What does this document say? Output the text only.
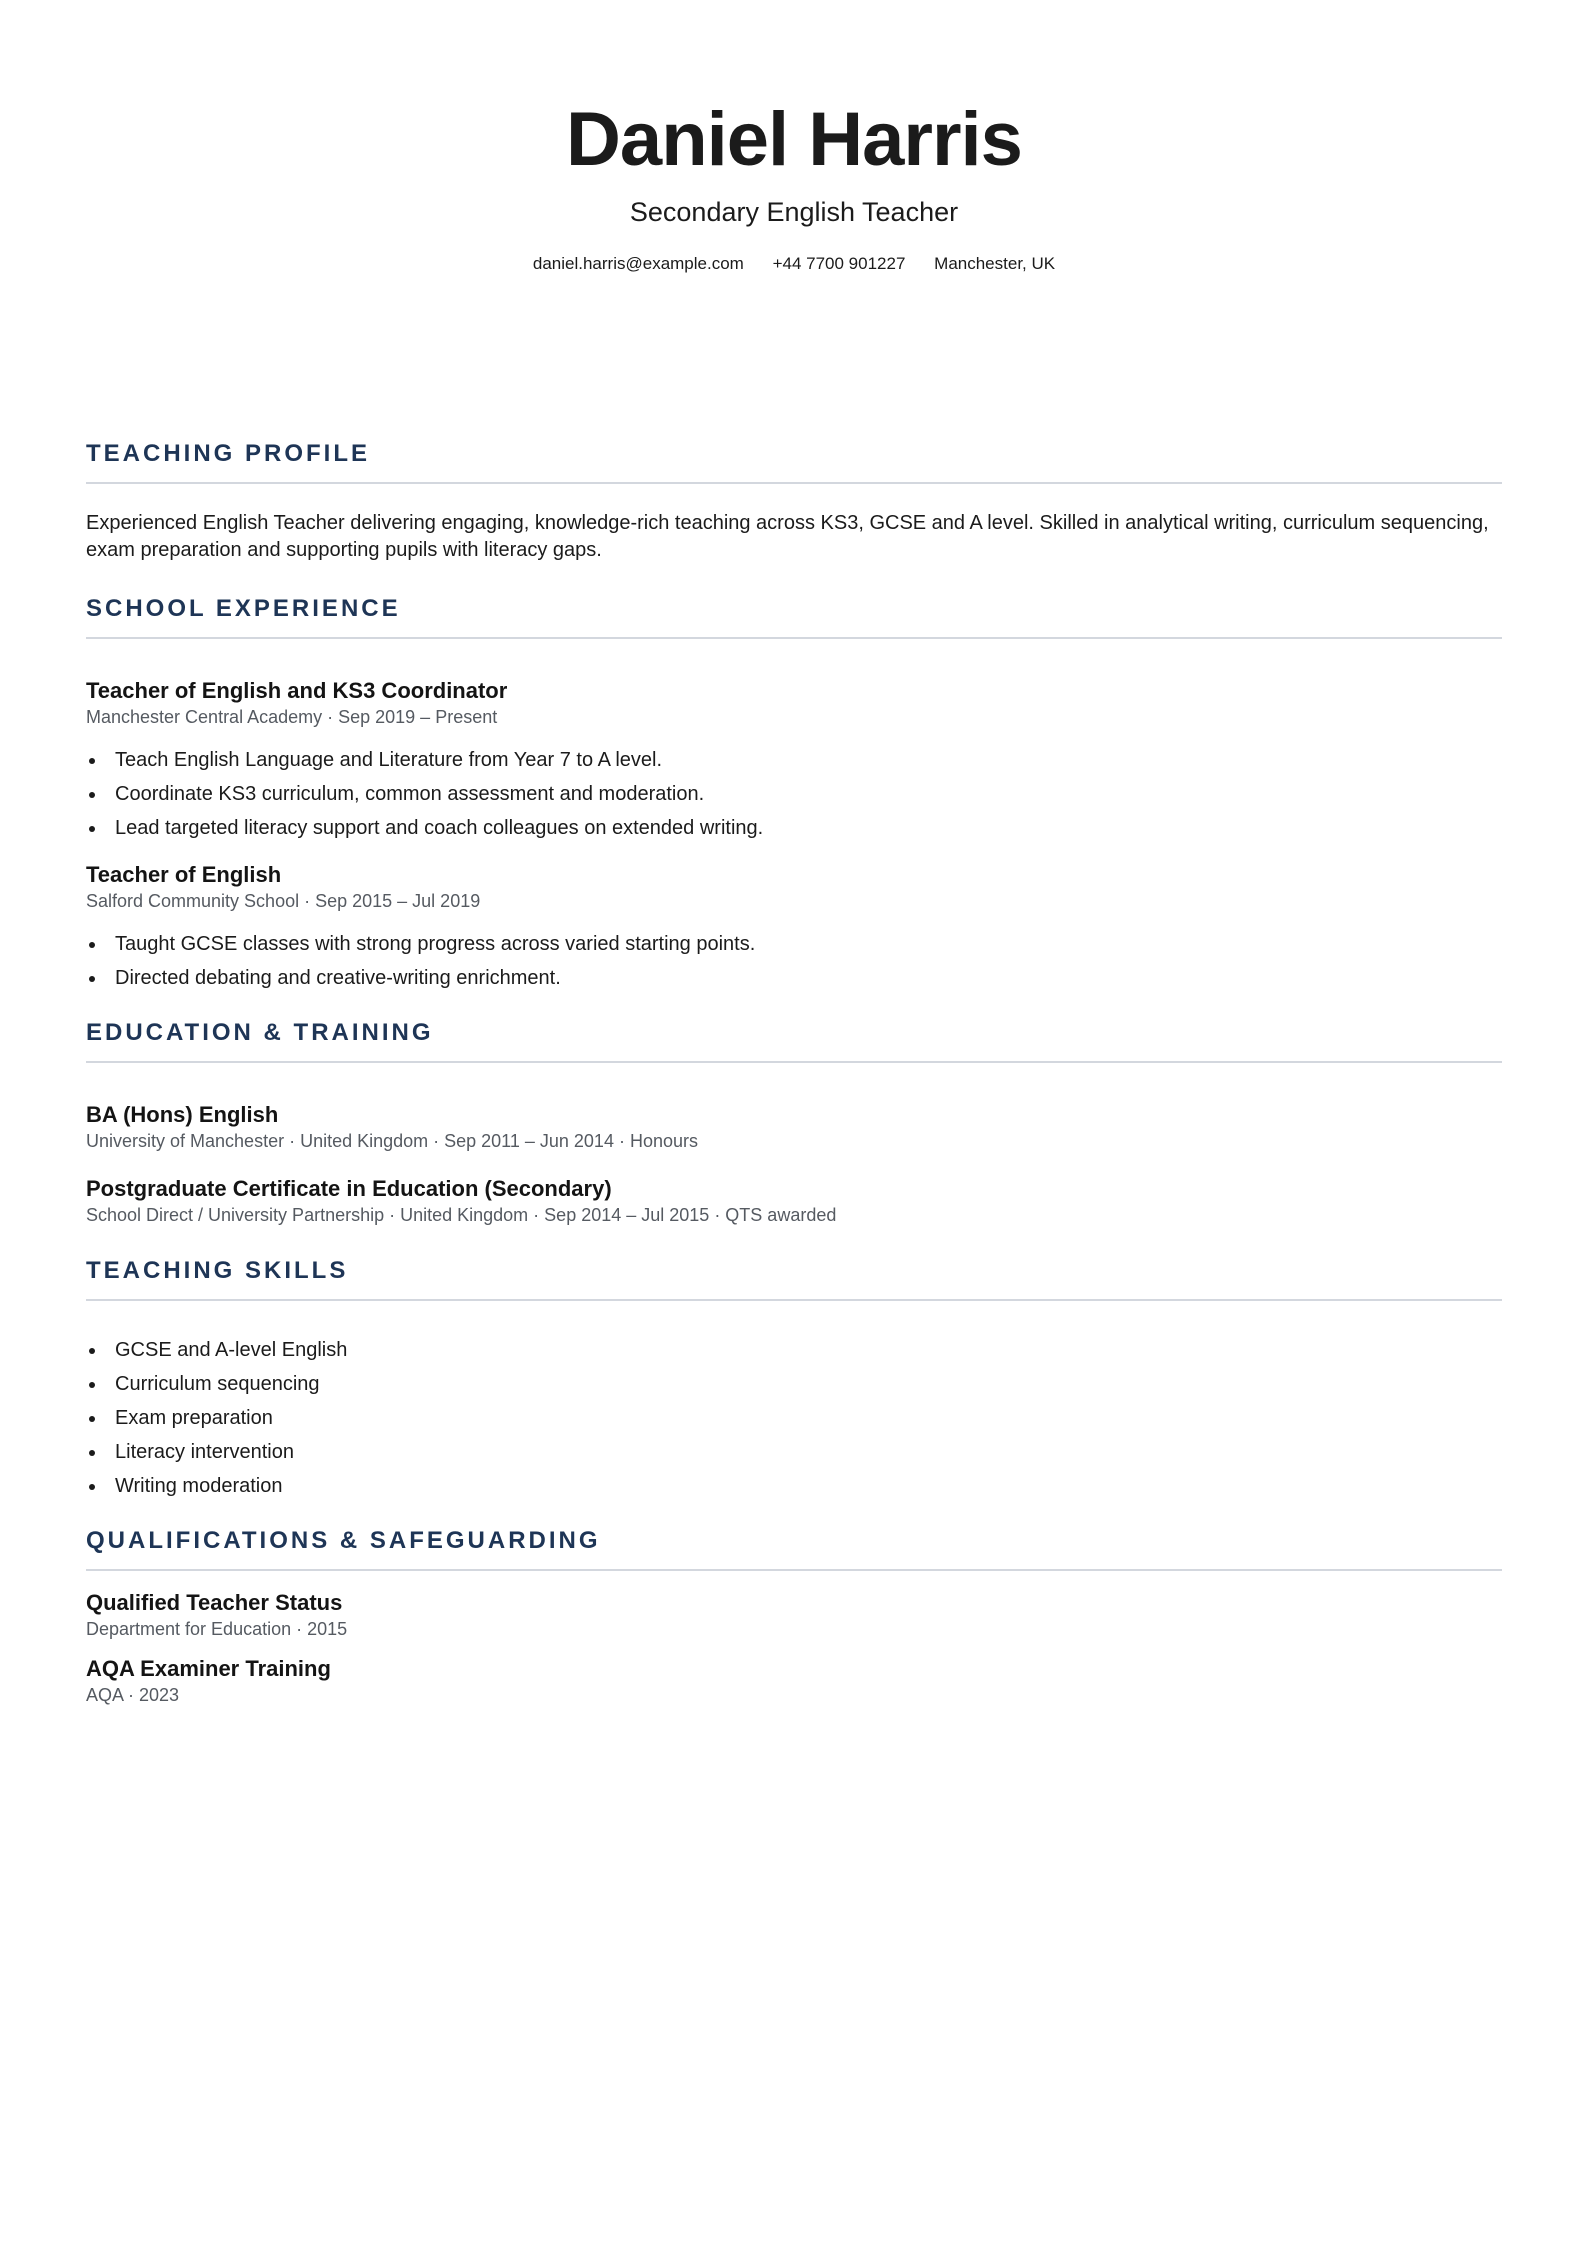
Daniel Harris
Secondary English Teacher
daniel.harris@example.com +44 7700 901227 Manchester, UK
TEACHING PROFILE
Experienced English Teacher delivering engaging, knowledge-rich teaching across KS3, GCSE and A level. Skilled in analytical writing, curriculum sequencing, exam preparation and supporting pupils with literacy gaps.
SCHOOL EXPERIENCE
Teacher of English and KS3 Coordinator
Manchester Central Academy · Sep 2019 – Present
Teach English Language and Literature from Year 7 to A level.
Coordinate KS3 curriculum, common assessment and moderation.
Lead targeted literacy support and coach colleagues on extended writing.
Teacher of English
Salford Community School · Sep 2015 – Jul 2019
Taught GCSE classes with strong progress across varied starting points.
Directed debating and creative-writing enrichment.
EDUCATION & TRAINING
BA (Hons) English
University of Manchester · United Kingdom · Sep 2011 – Jun 2014 · Honours
Postgraduate Certificate in Education (Secondary)
School Direct / University Partnership · United Kingdom · Sep 2014 – Jul 2015 · QTS awarded
TEACHING SKILLS
GCSE and A-level English
Curriculum sequencing
Exam preparation
Literacy intervention
Writing moderation
QUALIFICATIONS & SAFEGUARDING
Qualified Teacher Status
Department for Education · 2015
AQA Examiner Training
AQA · 2023
